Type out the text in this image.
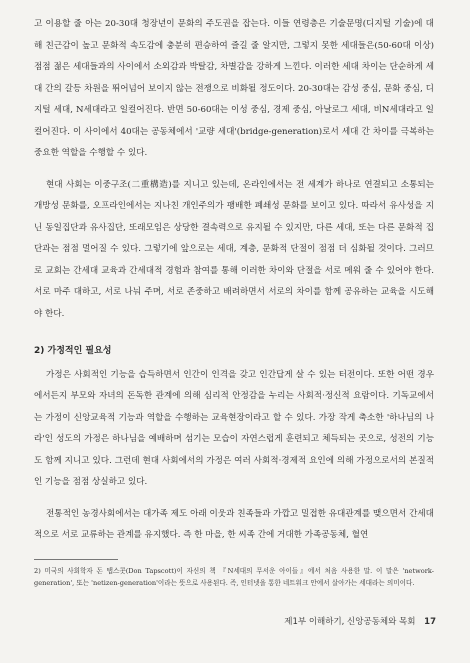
고 이용할 줄 아는 20-30대 청장년이 문화의 주도권을 잡는다. 이들 연령층은 기술문명(디지털 기술)에 대해 친근감이 높고 문화적 속도감에 충분히 편승하여 즐길 줄 알지만, 그렇지 못한 세대들은(50-60대 이상) 점점 젊은 세대들과의 사이에서 소외감과 박탈감, 차별감을 강하게 느낀다. 이러한 세대 차이는 단순하게 세대 간의 갈등 차원을 뛰어넘어 보이지 않는 전쟁으로 비화될 정도이다. 20-30대는 감성 중심, 문화 중심, 디지털 세대, N세대라고 일컬어진다. 반면 50-60대는 이성 중심, 경제 중심, 아날로그 세대, 비N세대라고 일컬어진다. 이 사이에서 40대는 공동체에서 '교량 세대'(bridge-generation)로서 세대 간 차이를 극복하는 중요한 역할을 수행할 수 있다.

현대 사회는 이중구조(二重構造)를 지니고 있는데, 온라인에서는 전 세계가 하나로 연결되고 소통되는 개방성 문화를, 오프라인에서는 지나친 개인주의가 팽배한 폐쇄성 문화를 보이고 있다. 따라서 유사성을 지닌 동일집단과 유사집단, 또래모임은 상당한 결속력으로 유지될 수 있지만, 다른 세대, 또는 다른 문화적 집단과는 점점 멀어질 수 있다. 그렇기에 앞으로는 세대, 계층, 문화적 단절이 점점 더 심화될 것이다. 그러므로 교회는 간세대 교육과 간세대적 경험과 참여를 통해 이러한 차이와 단절을 서로 메워 줄 수 있어야 한다. 서로 마주 대하고, 서로 나눠 주며, 서로 존중하고 배려하면서 서로의 차이를 함께 공유하는 교육을 시도해야 한다.

2) 가정적인 필요성

가정은 사회적인 기능을 습득하면서 인간이 인격을 갖고 인간답게 살 수 있는 터전이다. 또한 어떤 경우에서든지 부모와 자녀의 돈독한 관계에 의해 심리적 안정감을 누리는 사회적·정신적 요람이다. 기독교에서는 가정이 신앙교육적 기능과 역할을 수행하는 교육현장이라고 할 수 있다. 가장 작게 축소한 '하나님의 나라'인 성도의 가정은 하나님을 예배하며 섬기는 모습이 자연스럽게 훈련되고 체득되는 곳으로, 성전의 기능도 함께 지니고 있다. 그런데 현대 사회에서의 가정은 여러 사회적·경제적 요인에 의해 가정으로서의 본질적인 기능을 점점 상실하고 있다.

전통적인 농경사회에서는 대가족 제도 아래 이웃과 친족들과 가깝고 밀접한 유대관계를 맺으면서 간세대적으로 서로 교류하는 관계를 유지했다. 즉 한 마을, 한 씨족 간에 거대한 가족공동체, 혈연

2) 미국의 사회학자 돈 탭스콧(Don Tapscott)이 자신의 책 『N세대의 무서운 아이들』에서 처음 사용한 말. 이 말은 'network-generation', 또는 'netizen-generation'이라는 뜻으로 사용된다. 즉, 인터넷을 통한 네트워크 안에서 살아가는 세대라는 의미이다.
제1부 이해하기, 신앙공동체와 목회 17
